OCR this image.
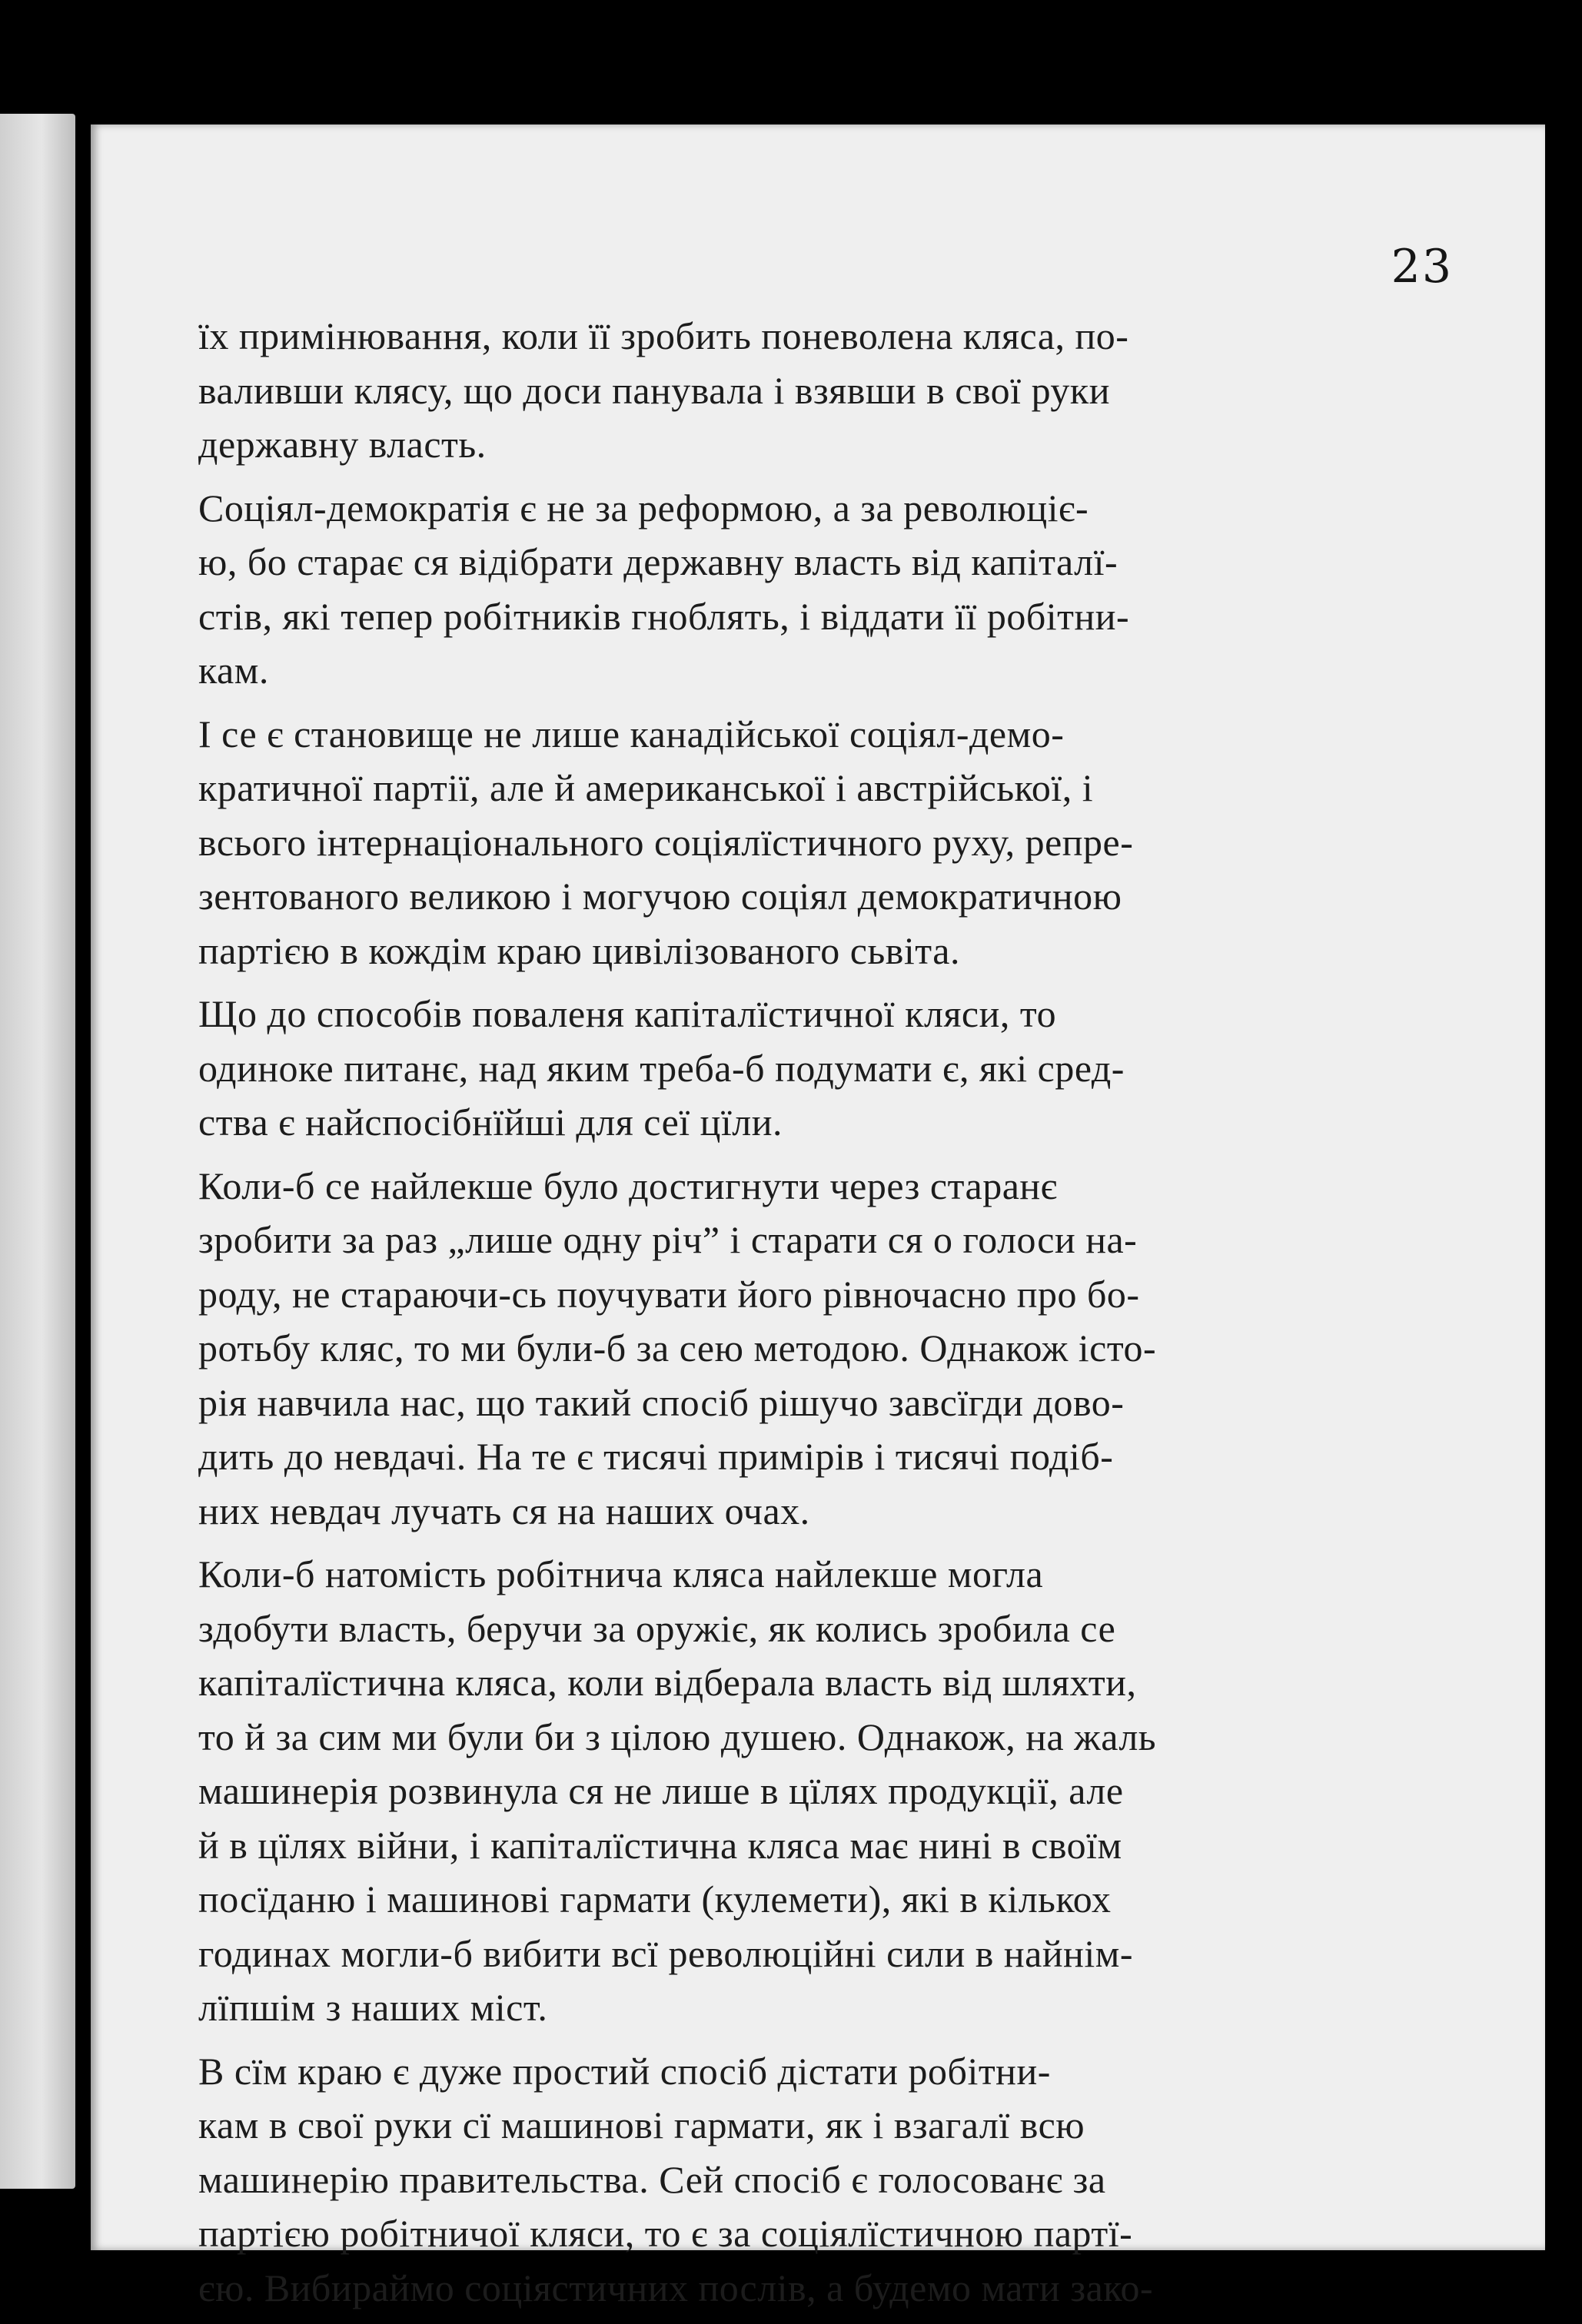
23

їх примінювання, коли її зробить поневолена кляса, по-
валивши клясу, що доси панувала і взявши в свої руки
державну власть.

Соціял-демократія є не за реформою, а за революціє-
ю, бо старає ся відібрати державну власть від капіталї-
стів, які тепер робітників гноблять, і віддати її робітни-
кам.

І се є становище не лише канадійської соціял-демо-
кратичної партії, але й американської і австрійської, і
всього інтернаціонального соціялїстичного руху, репре-
зентованого великою і могучою соціял демократичною
партією в кождім краю цивілізованого сьвіта.

Що до способів поваленя капіталїстичної кляси, то
одиноке питанє, над яким треба-б подумати є, які сред-
ства є найспосібнїйші для сеї цїли.

Коли-б се найлекше було достигнути через старанє
зробити за раз „лише одну річ” і старати ся о голоси на-
роду, не стараючи-сь поучувати його рівночасно про бо-
ротьбу кляс, то ми були-б за сею методою. Однакож істо-
рія навчила нас, що такий спосіб рішучо завсїгди дово-
дить до невдачі. На те є тисячі примірів і тисячі подіб-
них невдач лучать ся на наших очах.

Коли-б натомість робітнича кляса найлекше могла
здобути власть, беручи за оружіє, як колись зробила се
капіталїстична кляса, коли відберала власть від шляхти,
то й за сим ми були би з цілою душею. Однакож, на жаль
машинерія розвинула ся не лише в цїлях продукції, але
й в цїлях війни, і капіталїстична кляса має нині в своїм
посїданю і машинові гармати (кулемети), які в кількох
годинах могли-б вибити всї революційні сили в найнім-
лїпшім з наших міст.

В сїм краю є дуже простий спосіб дістати робітни-
кам в свої руки сї машинові гармати, як і взагалї всю
машинерію правительства. Сей спосіб є голосованє за
партією робітничої кляси, то є за соціялїстичною партї-
єю. Вибираймо соціястичних послів, а будемо мати зако-
